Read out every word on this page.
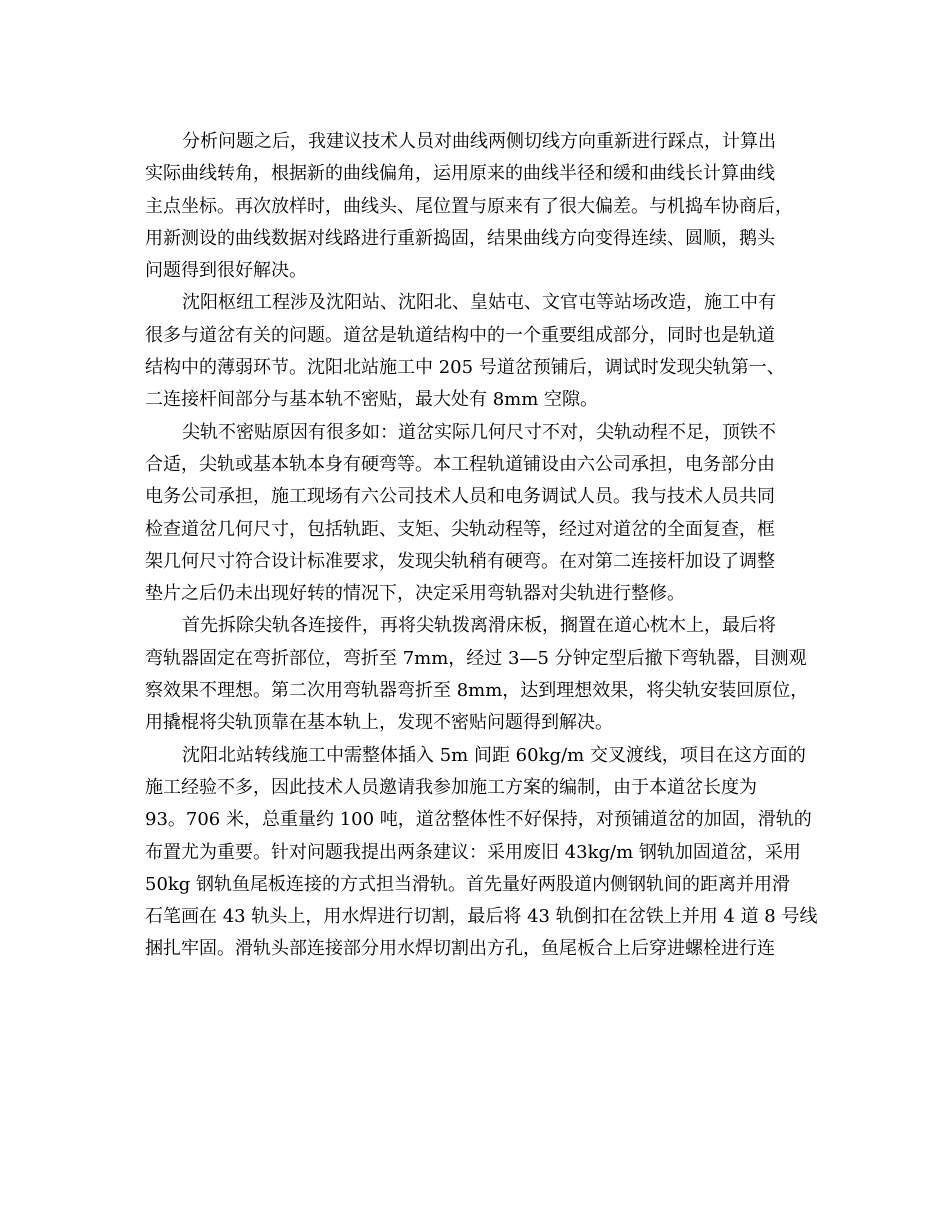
分析问题之后，我建议技术人员对曲线两侧切线方向重新进行踩点，计算出
实际曲线转角，根据新的曲线偏角，运用原来的曲线半径和缓和曲线长计算曲线
主点坐标。再次放样时，曲线头、尾位置与原来有了很大偏差。与机捣车协商后，
用新测设的曲线数据对线路进行重新捣固，结果曲线方向变得连续、圆顺，鹅头
问题得到很好解决。
沈阳枢纽工程涉及沈阳站、沈阳北、皇姑屯、文官屯等站场改造，施工中有
很多与道岔有关的问题。道岔是轨道结构中的一个重要组成部分，同时也是轨道
结构中的薄弱环节。沈阳北站施工中 205 号道岔预铺后，调试时发现尖轨第一、
二连接杆间部分与基本轨不密贴，最大处有 8mm 空隙。
尖轨不密贴原因有很多如：道岔实际几何尺寸不对，尖轨动程不足，顶铁不
合适，尖轨或基本轨本身有硬弯等。本工程轨道铺设由六公司承担，电务部分由
电务公司承担，施工现场有六公司技术人员和电务调试人员。我与技术人员共同
检查道岔几何尺寸，包括轨距、支矩、尖轨动程等，经过对道岔的全面复查，框
架几何尺寸符合设计标准要求，发现尖轨稍有硬弯。在对第二连接杆加设了调整
垫片之后仍未出现好转的情况下，决定采用弯轨器对尖轨进行整修。
首先拆除尖轨各连接件，再将尖轨拨离滑床板，搁置在道心枕木上，最后将
弯轨器固定在弯折部位，弯折至 7mm，经过 3—5 分钟定型后撤下弯轨器，目测观
察效果不理想。第二次用弯轨器弯折至 8mm，达到理想效果，将尖轨安装回原位，
用撬棍将尖轨顶靠在基本轨上，发现不密贴问题得到解决。
沈阳北站转线施工中需整体插入 5m 间距 60kg/m 交叉渡线，项目在这方面的
施工经验不多，因此技术人员邀请我参加施工方案的编制，由于本道岔长度为
93。706 米，总重量约 100 吨，道岔整体性不好保持，对预铺道岔的加固，滑轨的
布置尤为重要。针对问题我提出两条建议：采用废旧 43kg/m 钢轨加固道岔，采用
50kg 钢轨鱼尾板连接的方式担当滑轨。首先量好两股道内侧钢轨间的距离并用滑
石笔画在 43 轨头上，用水焊进行切割，最后将 43 轨倒扣在岔铁上并用 4 道 8 号线
捆扎牢固。滑轨头部连接部分用水焊切割出方孔，鱼尾板合上后穿进螺栓进行连
